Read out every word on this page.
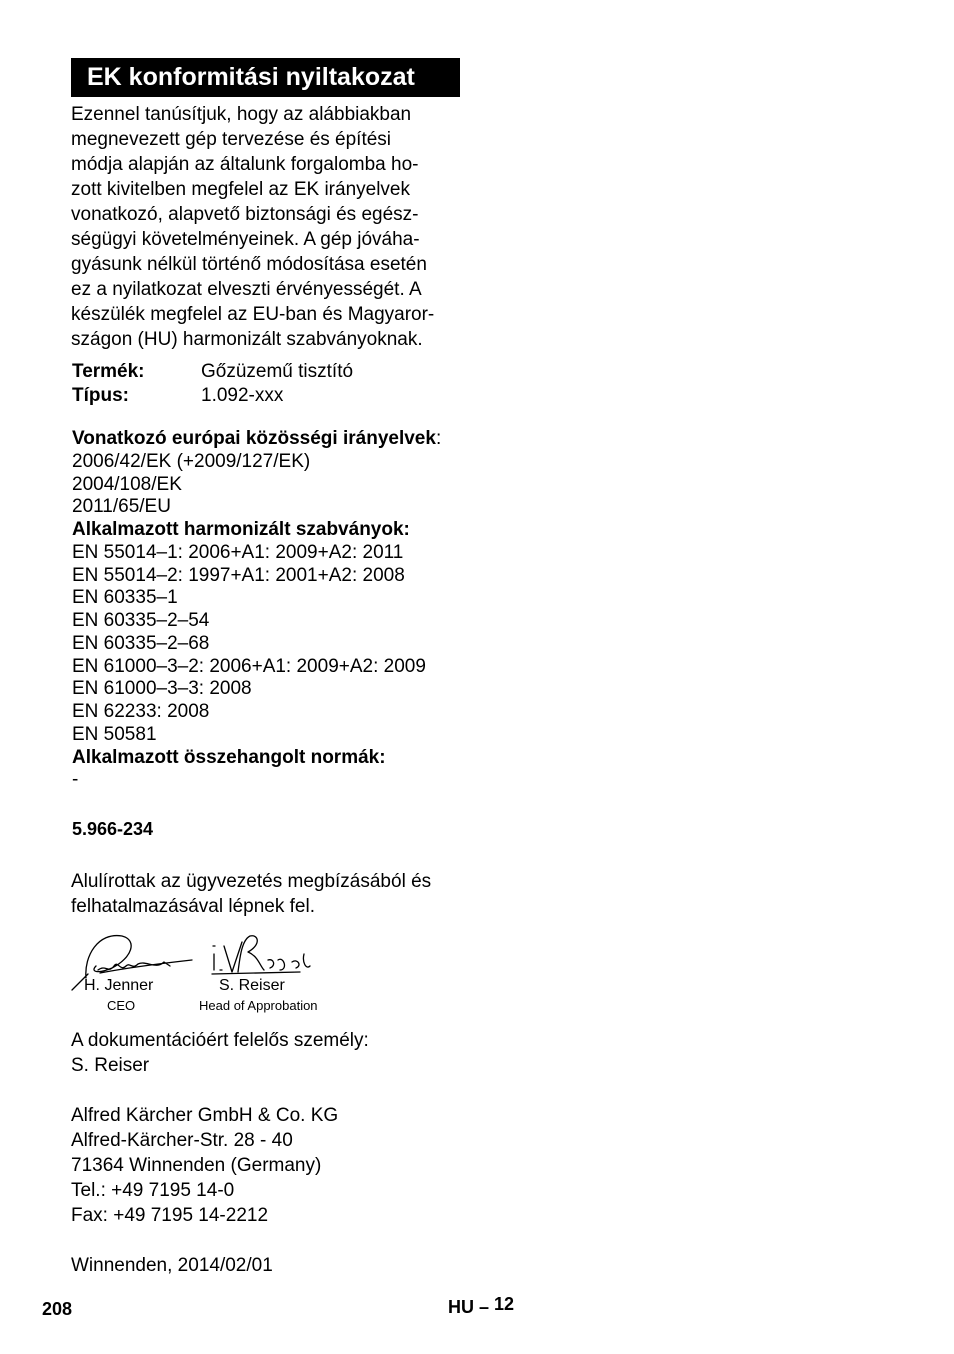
EK konformitási nyiltakozat
Ezennel tanúsítjuk, hogy az alábbiakban
megnevezett gép tervezése és építési
módja alapján az általunk forgalomba ho-
zott kivitelben megfelel az EK irányelvek
vonatkozó, alapvető biztonsági és egész-
ségügyi követelményeinek. A gép jóváha-
gyásunk nélkül történő módosítása esetén
ez a nyilatkozat elveszti érvényességét. A
készülék megfelel az EU-ban és Magyaror-
szágon (HU) harmonizált szabványoknak.
Termék:	Gőzüzemű tisztító
Típus:	1.092-xxx
Vonatkozó európai közösségi irányelvek:
2006/42/EK (+2009/127/EK)
2004/108/EK
2011/65/EU
Alkalmazott harmonizált szabványok:
EN 55014–1: 2006+A1: 2009+A2: 2011
EN 55014–2: 1997+A1: 2001+A2: 2008
EN 60335–1
EN 60335–2–54
EN 60335–2–68
EN 61000–3–2: 2006+A1: 2009+A2: 2009
EN 61000–3–3: 2008
EN 62233: 2008
EN 50581
Alkalmazott összehangolt normák:
-
5.966-234
Alulírottak az ügyvezetés megbízásából és
felhatalmazásával lépnek fel.
H. Jenner
CEO
S. Reiser
Head of Approbation
A dokumentációért felelős személy:
S. Reiser
Alfred Kärcher GmbH & Co. KG
Alfred-Kärcher-Str. 28 - 40
71364 Winnenden (Germany)
Tel.: +49 7195 14-0
Fax: +49 7195 14-2212
Winnenden, 2014/02/01
208	HU – 12
